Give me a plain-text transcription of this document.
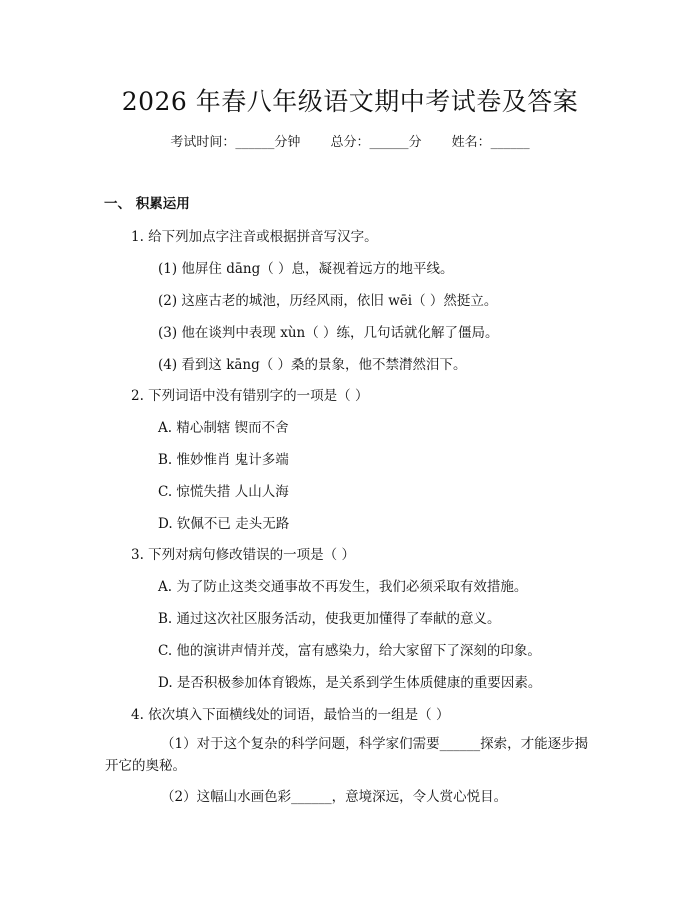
2026 年春八年级语文期中考试卷及答案
考试时间：______分钟 总分：______分 姓名：______
一、 积累运用
1. 给下列加点字注音或根据拼音写汉字。
(1) 他屏住 dāng（ ）息，凝视着远方的地平线。
(2) 这座古老的城池，历经风雨，依旧 wēi（ ）然挺立。
(3) 他在谈判中表现 xùn（ ）练，几句话就化解了僵局。
(4) 看到这 kāng（ ）桑的景象，他不禁潸然泪下。
2. 下列词语中没有错别字的一项是（ ）
A. 精心制辖 锲而不舍
B. 惟妙惟肖 鬼计多端
C. 惊慌失措 人山人海
D. 钦佩不已 走头无路
3. 下列对病句修改错误的一项是（ ）
A. 为了防止这类交通事故不再发生，我们必须采取有效措施。
B. 通过这次社区服务活动，使我更加懂得了奉献的意义。
C. 他的演讲声情并茂，富有感染力，给大家留下了深刻的印象。
D. 是否积极参加体育锻炼，是关系到学生体质健康的重要因素。
4. 依次填入下面横线处的词语，最恰当的一组是（ ）
（1）对于这个复杂的科学问题，科学家们需要______探索，才能逐步揭开它的奥秘。
（2）这幅山水画色彩______，意境深远，令人赏心悦目。
